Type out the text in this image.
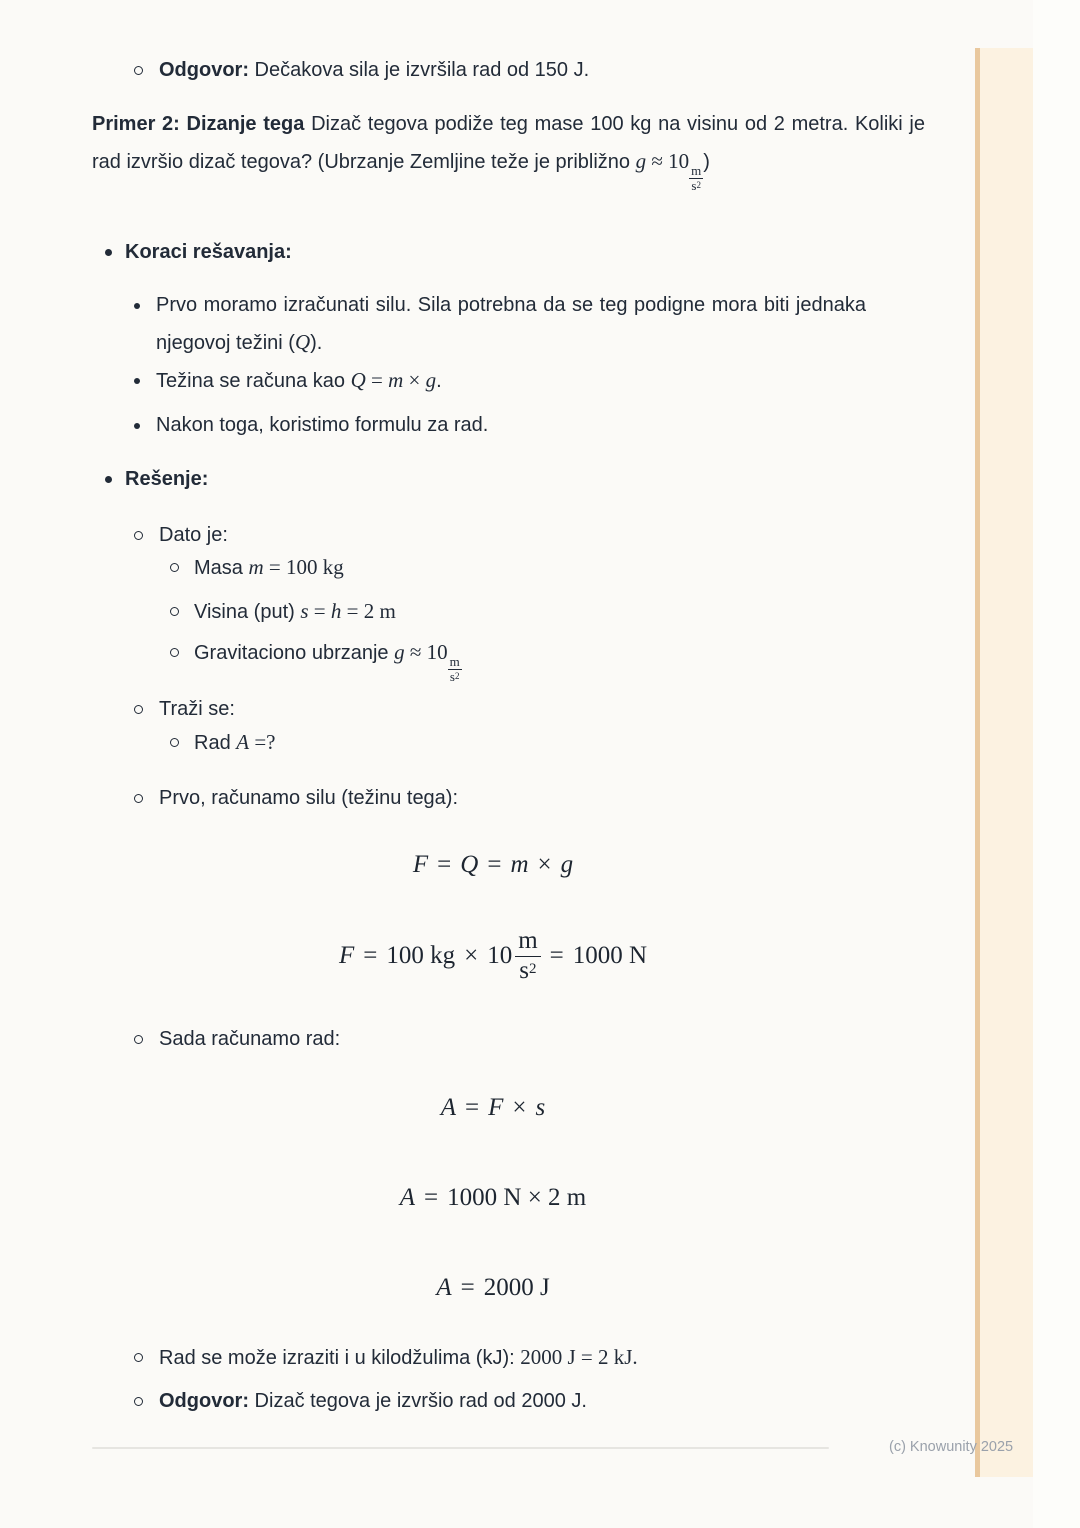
Odgovor: Dečakova sila je izvršila rad od 150 J.
Primer 2: Dizanje tega Dizač tegova podiže teg mase 100 kg na visinu od 2 metra. Koliki je rad izvršio dizač tegova? (Ubrzanje Zemljine teže je približno g ≈ 10
$\frac{m}{s^2}$
)
Koraci rešavanja:
Prvo moramo izračunati silu. Sila potrebna da se teg podigne mora biti jednaka njegovoj težini (Q).
Težina se računa kao Q = m × g.
Nakon toga, koristimo formulu za rad.
Rešenje:
Dato je:
Masa m = 100 kg
Visina (put) s = h = 2 m
Gravitaciono ubrzanje g ≈ 10
$\frac{m}{s^2}$
Traži se:
Rad A =?
Prvo, računamo silu (težinu tega):
F = Q = m × g
F = 100 kg × $10 \frac{m}{s^2} = 1000$ N
Sada računamo rad:
A = F × s
A = 1000 N × 2 m
A = 2000 J
Rad se može izraziti i u kilodžulima (kJ): 2000 J = 2 kJ.
Odgovor: Dizač tegova je izvršio rad od 2000 J.
(c) Knowunity 2025
